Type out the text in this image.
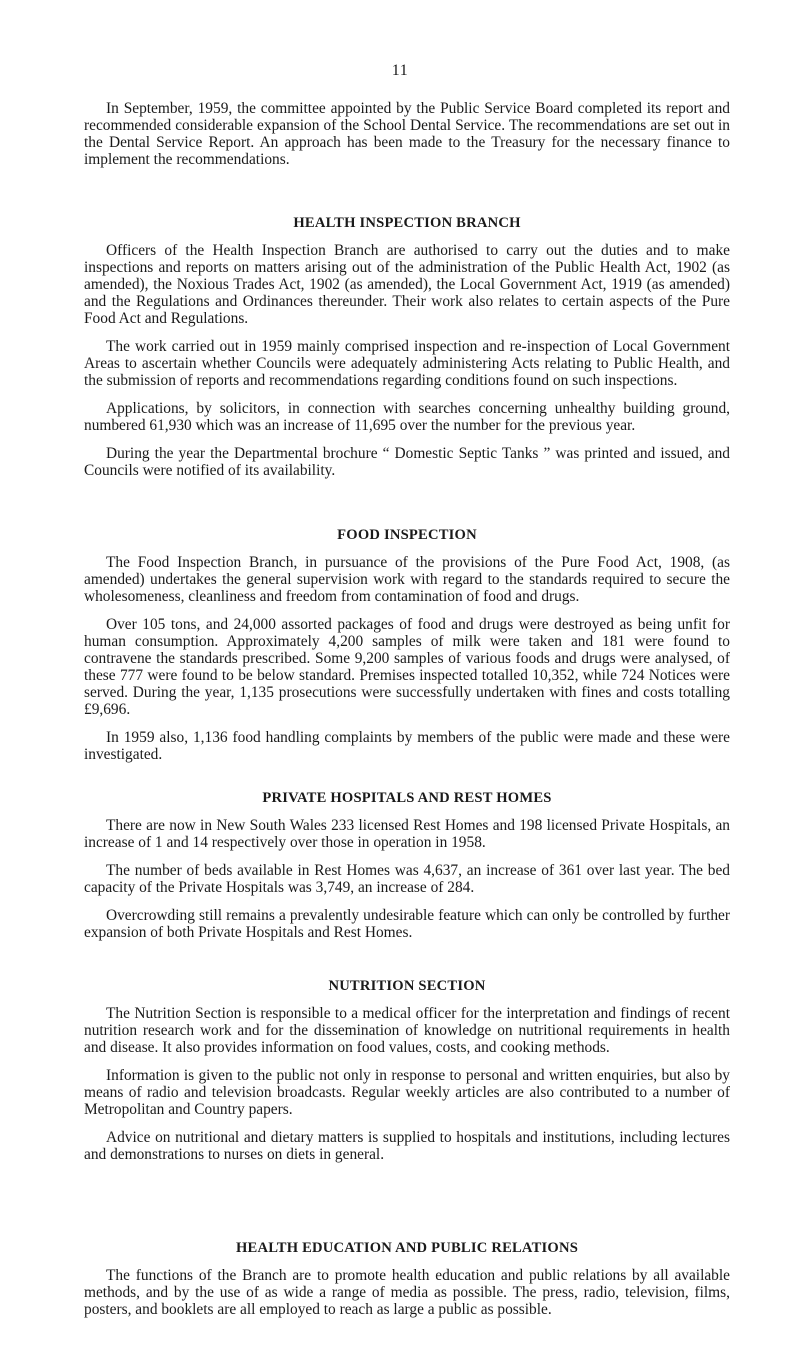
11

In September, 1959, the committee appointed by the Public Service Board completed its report and recommended considerable expansion of the School Dental Service. The recommendations are set out in the Dental Service Report. An approach has been made to the Treasury for the necessary finance to implement the recommendations.

HEALTH INSPECTION BRANCH

Officers of the Health Inspection Branch are authorised to carry out the duties and to make inspections and reports on matters arising out of the administration of the Public Health Act, 1902 (as amended), the Noxious Trades Act, 1902 (as amended), the Local Government Act, 1919 (as amended) and the Regulations and Ordinances thereunder. Their work also relates to certain aspects of the Pure Food Act and Regulations.

The work carried out in 1959 mainly comprised inspection and re-inspection of Local Government Areas to ascertain whether Councils were adequately administering Acts relating to Public Health, and the submission of reports and recommendations regarding conditions found on such inspections.

Applications, by solicitors, in connection with searches concerning unhealthy building ground, numbered 61,930 which was an increase of 11,695 over the number for the previous year.

During the year the Departmental brochure “ Domestic Septic Tanks ” was printed and issued, and Councils were notified of its availability.

FOOD INSPECTION

The Food Inspection Branch, in pursuance of the provisions of the Pure Food Act, 1908, (as amended) undertakes the general supervision work with regard to the standards required to secure the wholesomeness, cleanliness and freedom from contamination of food and drugs.

Over 105 tons, and 24,000 assorted packages of food and drugs were destroyed as being unfit for human consumption. Approximately 4,200 samples of milk were taken and 181 were found to contravene the standards prescribed. Some 9,200 samples of various foods and drugs were analysed, of these 777 were found to be below standard. Premises inspected totalled 10,352, while 724 Notices were served. During the year, 1,135 prosecutions were successfully undertaken with fines and costs totalling £9,696.

In 1959 also, 1,136 food handling complaints by members of the public were made and these were investigated.

PRIVATE HOSPITALS AND REST HOMES

There are now in New South Wales 233 licensed Rest Homes and 198 licensed Private Hospitals, an increase of 1 and 14 respectively over those in operation in 1958.

The number of beds available in Rest Homes was 4,637, an increase of 361 over last year. The bed capacity of the Private Hospitals was 3,749, an increase of 284.

Overcrowding still remains a prevalently undesirable feature which can only be controlled by further expansion of both Private Hospitals and Rest Homes.

NUTRITION SECTION

The Nutrition Section is responsible to a medical officer for the interpretation and findings of recent nutrition research work and for the dissemination of knowledge on nutritional requirements in health and disease. It also provides information on food values, costs, and cooking methods.

Information is given to the public not only in response to personal and written enquiries, but also by means of radio and television broadcasts. Regular weekly articles are also contributed to a number of Metropolitan and Country papers.

Advice on nutritional and dietary matters is supplied to hospitals and institutions, including lectures and demonstrations to nurses on diets in general.

HEALTH EDUCATION AND PUBLIC RELATIONS

The functions of the Branch are to promote health education and public relations by all available methods, and by the use of as wide a range of media as possible. The press, radio, television, films, posters, and booklets are all employed to reach as large a public as possible.
